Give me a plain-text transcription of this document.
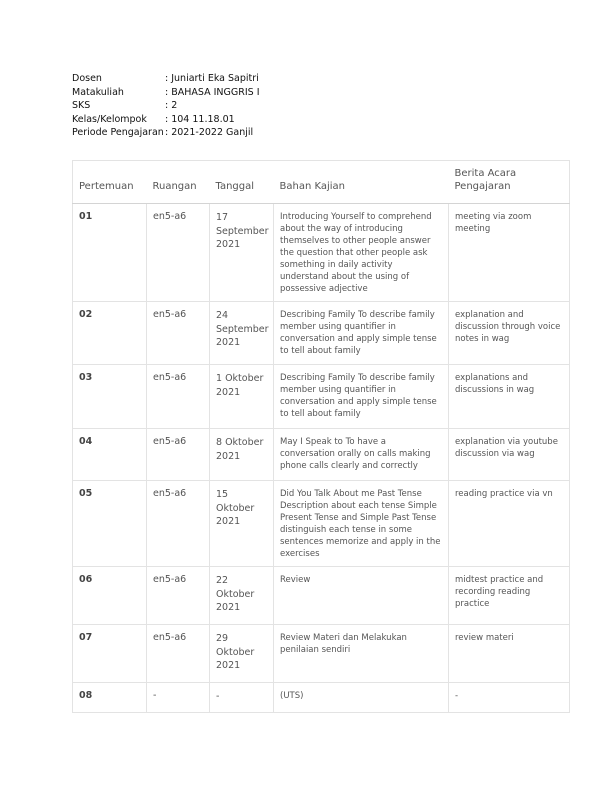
Dosen	: Juniarti Eka Sapitri
Matakuliah	: BAHASA INGGRIS I
SKS	: 2
Kelas/Kelompok	: 104 11.18.01
Periode Pengajaran : 2021-2022 Ganjil
Pertemuan	Ruangan	Tanggal	Bahan Kajian	Berita Acara Pengajaran
01	en5-a6	17 September 2021	Introducing Yourself to comprehend about the way of introducing themselves to other people answer the question that other people ask something in daily activity understand about the using of possessive adjective	meeting via zoom meeting
02	en5-a6	24 September 2021	Describing Family To describe family member using quantifier in conversation and apply simple tense to tell about family	explanation and discussion through voice notes in wag
03	en5-a6	1 Oktober 2021	Describing Family To describe family member using quantifier in conversation and apply simple tense to tell about family	explanations and discussions in wag
04	en5-a6	8 Oktober 2021	May I Speak to To have a conversation orally on calls making phone calls clearly and correctly	explanation via youtube discussion via wag
05	en5-a6	15 Oktober 2021	Did You Talk About me Past Tense Description about each tense Simple Present Tense and Simple Past Tense distinguish each tense in some sentences memorize and apply in the exercises	reading practice via vn
06	en5-a6	22 Oktober 2021	Review	midtest practice and recording reading practice
07	en5-a6	29 Oktober 2021	Review Materi dan Melakukan penilaian sendiri	review materi
08	-	-	(UTS)	-
